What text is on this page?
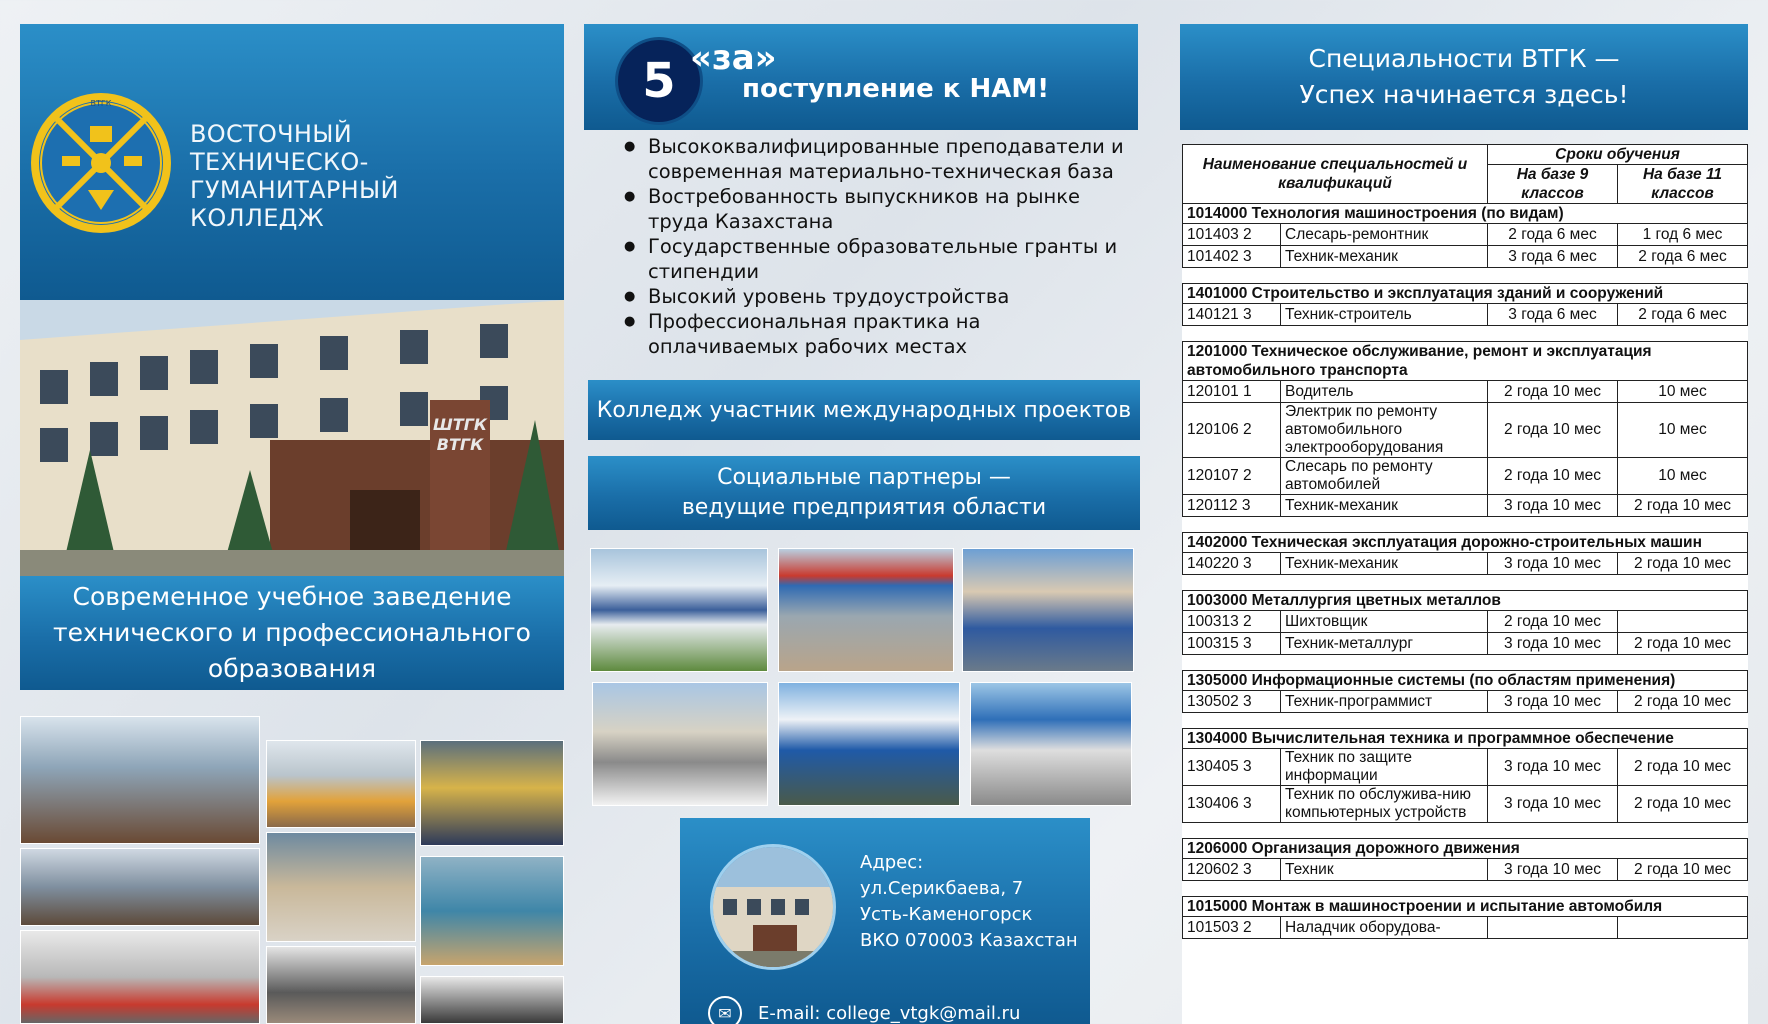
ВТГК
ВОСТОЧНЫЙ
ТЕХНИЧЕСКО-ГУМАНИТАРНЫЙ
КОЛЛЕДЖ
ШТГК
ВТГК
Современное учебное заведение технического и профессионального образования
5 «за»
поступление к НАМ!
● Высококвалифицированные преподаватели и современная материально-техническая база
● Востребованность выпускников на рынке труда Казахстана
● Государственные образовательные гранты и стипендии
● Высокий уровень трудоустройства
● Профессиональная практика на оплачиваемых рабочих местах
Колледж участник международных проектов
Социальные партнеры —
ведущие предприятия области
Адрес:
ул.Серикбаева, 7
Усть-Каменогорск
ВКО 070003 Казахстан
✉	E-mail: college_vtgk@mail.ru
Специальности ВТГК —
Успех начинается здесь!
Наименование специальностей и квалификаций		Сроки обучения	
		На базе 9 классов	На базе 11 классов
1014000 Технология машиностроения (по видам)			
101403 2	Слесарь-ремонтник	2 года 6 мес	1 год 6 мес
101402 3	Техник-механик	3 года 6 мес	2 года 6 мес

1401000 Строительство и эксплуатация зданий и сооружений			
140121 3	Техник-строитель	3 года 6 мес	2 года 6 мес

1201000 Техническое обслуживание, ремонт и эксплуатация автомобильного транспорта			
120101 1	Водитель	2 года 10 мес	10 мес
120106 2	Электрик по ремонту автомобильного электрооборудования	2 года 10 мес	10 мес
120107 2	Слесарь по ремонту автомобилей	2 года 10 мес	10 мес
120112 3	Техник-механик	3 года 10 мес	2 года 10 мес

1402000 Техническая эксплуатация дорожно-строительных машин			
140220 3	Техник-механик	3 года 10 мес	2 года 10 мес

1003000 Металлургия цветных металлов			
100313 2	Шихтовщик	2 года 10 мес	
100315 3	Техник-металлург	3 года 10 мес	2 года 10 мес

1305000 Информационные системы (по областям применения)			
130502 3	Техник-программист	3 года 10 мес	2 года 10 мес

1304000 Вычислительная техника и программное обеспечение			
130405 3	Техник по защите информации	3 года 10 мес	2 года 10 мес
130406 3	Техник по обслужива-нию компьютерных устройств	3 года 10 мес	2 года 10 мес

1206000 Организация дорожного движения			
120602 3	Техник	3 года 10 мес	2 года 10 мес

1015000 Монтаж в машиностроении и испытание автомобиля			
101503 2	Наладчик оборудова-		
